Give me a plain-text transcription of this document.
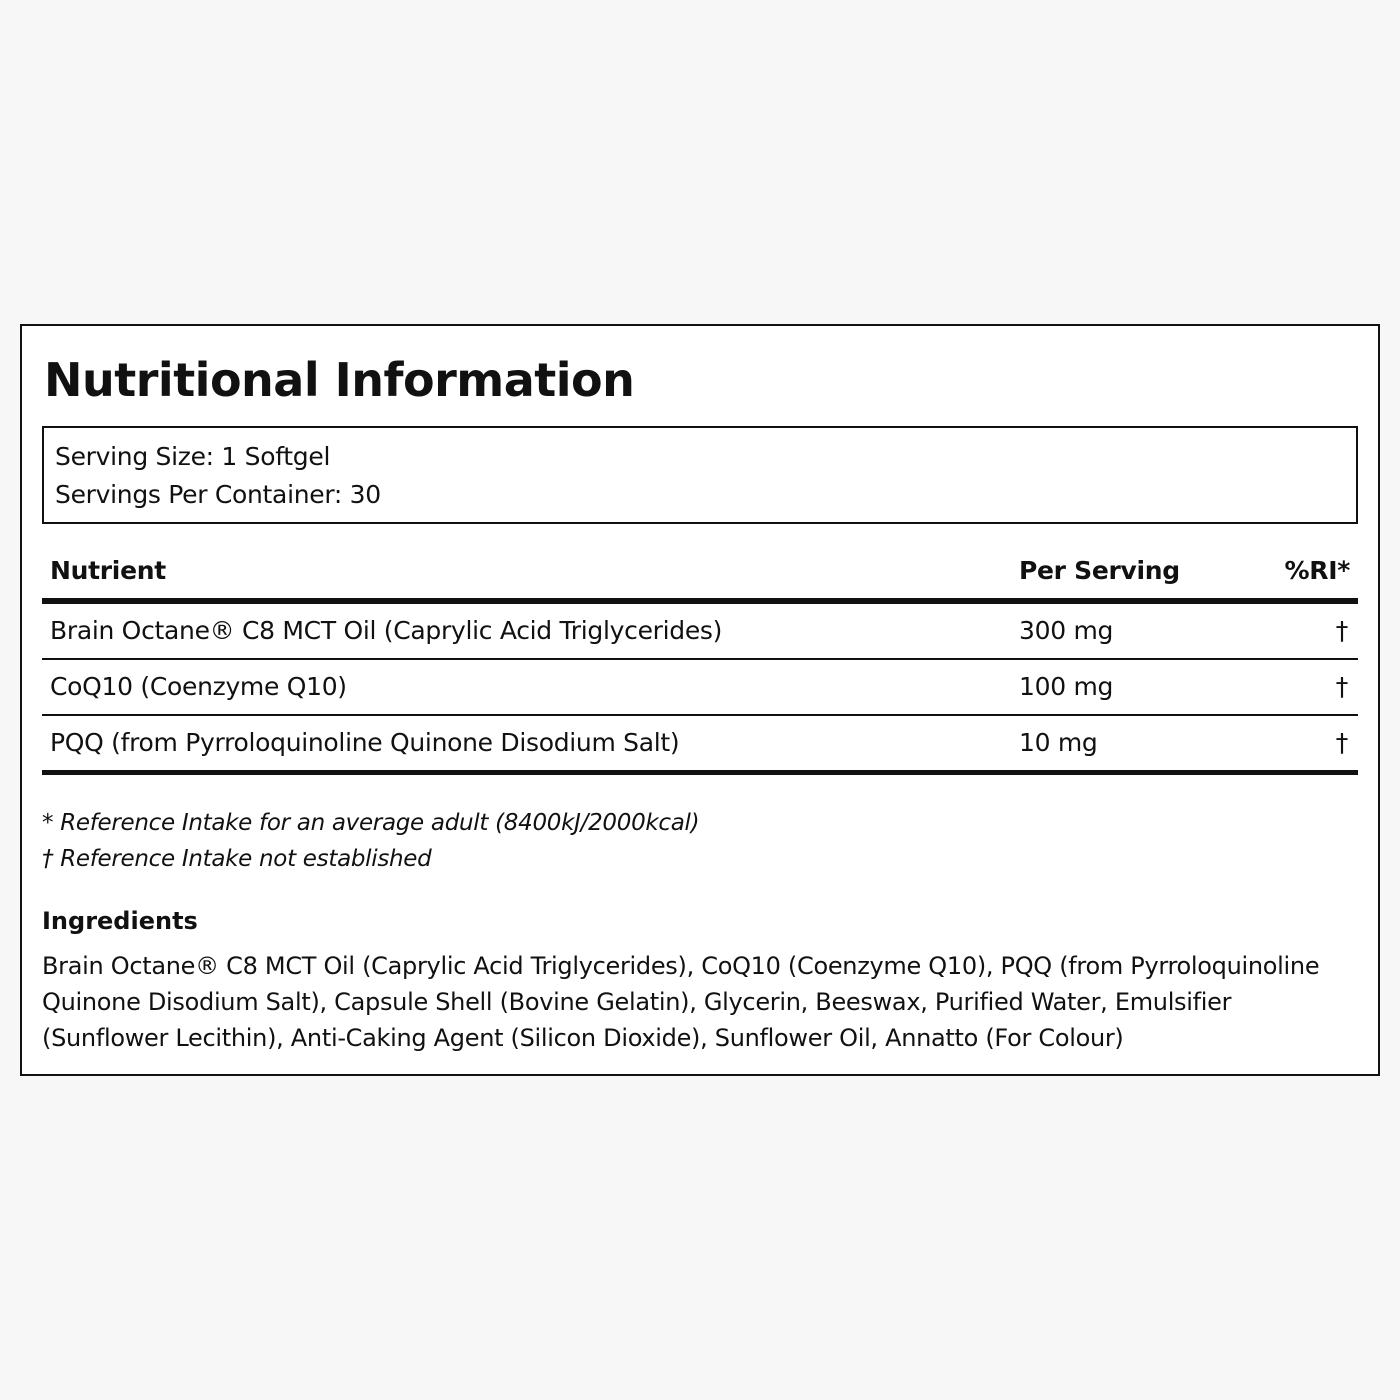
Nutritional Information
Serving Size: 1 Softgel
Servings Per Container: 30
Nutrient	Per Serving	%RI*
Brain Octane® C8 MCT Oil (Caprylic Acid Triglycerides)	300 mg	†
CoQ10 (Coenzyme Q10)	100 mg	†
PQQ (from Pyrroloquinoline Quinone Disodium Salt)	10 mg	†
* Reference Intake for an average adult (8400kJ/2000kcal)
† Reference Intake not established
Ingredients
Brain Octane® C8 MCT Oil (Caprylic Acid Triglycerides), CoQ10 (Coenzyme Q10), PQQ (from Pyrroloquinoline Quinone Disodium Salt), Capsule Shell (Bovine Gelatin), Glycerin, Beeswax, Purified Water, Emulsifier (Sunflower Lecithin), Anti-Caking Agent (Silicon Dioxide), Sunflower Oil, Annatto (For Colour)
